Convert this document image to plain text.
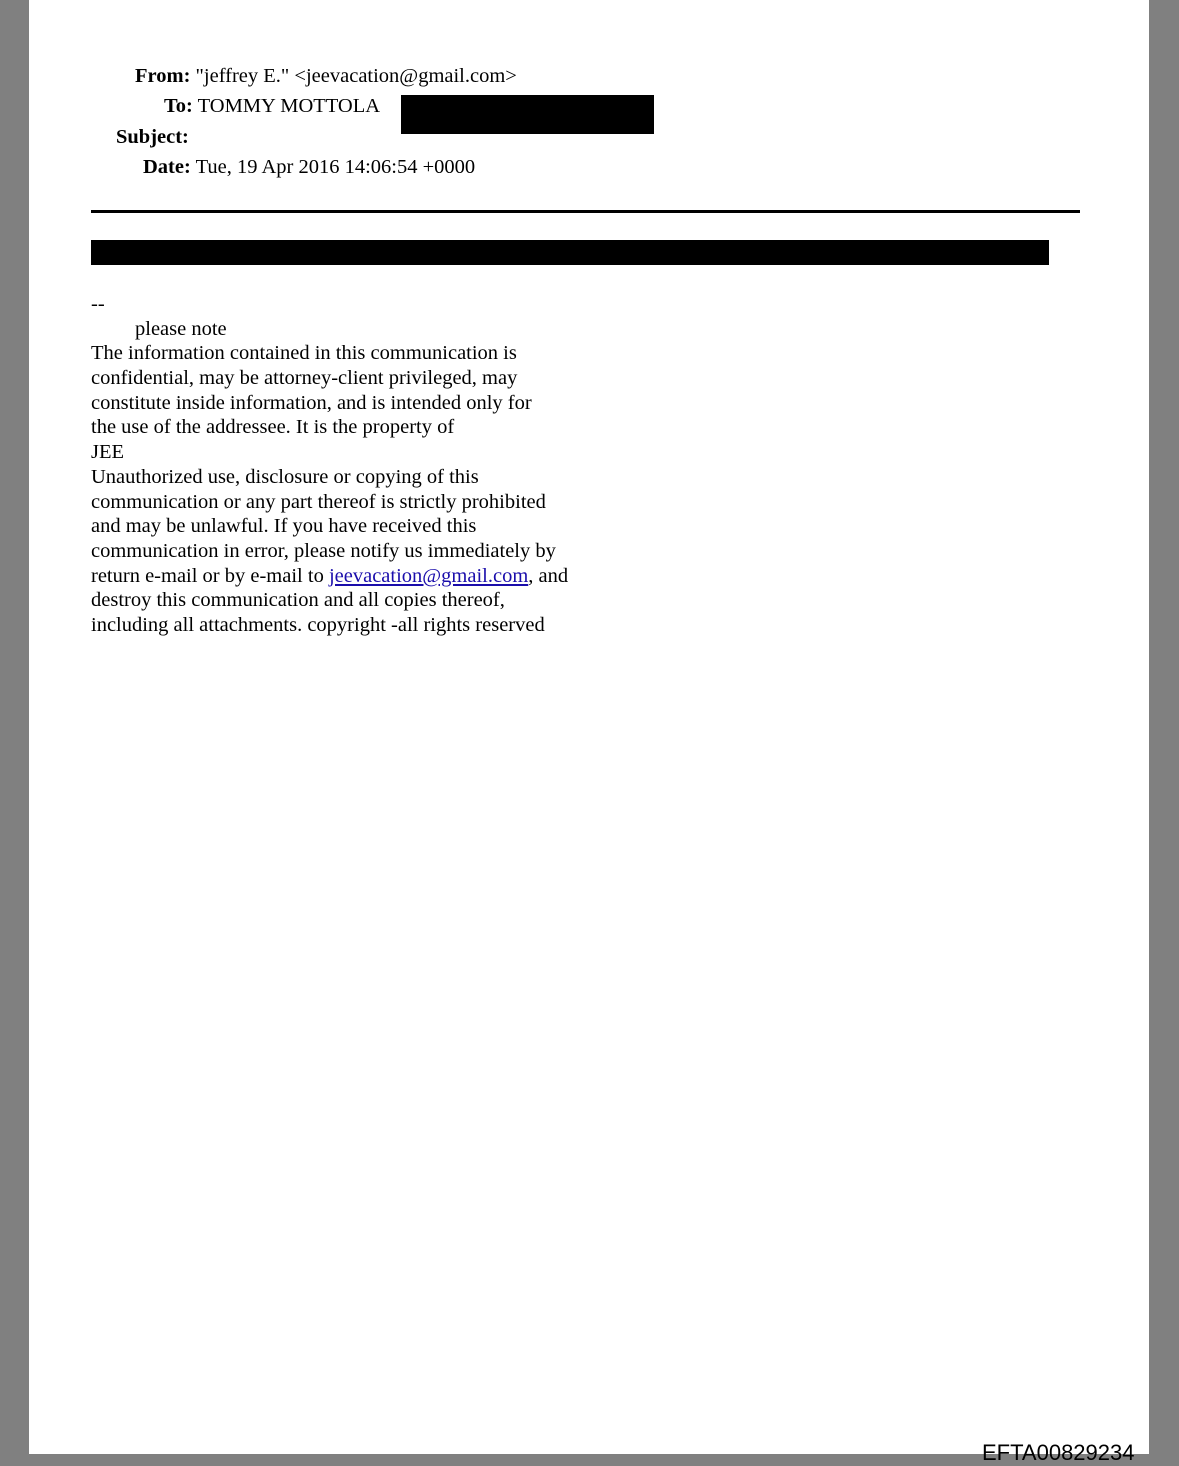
From: "jeffrey E." <jeevacation@gmail.com>
To: TOMMY MOTTOLA
Subject:
Date: Tue, 19 Apr 2016 14:06:54 +0000
--
please note
The information contained in this communication is
confidential, may be attorney-client privileged, may
constitute inside information, and is intended only for
the use of the addressee. It is the property of
JEE
Unauthorized use, disclosure or copying of this
communication or any part thereof is strictly prohibited
and may be unlawful. If you have received this
communication in error, please notify us immediately by
return e-mail or by e-mail to jeevacation@gmail.com, and
destroy this communication and all copies thereof,
including all attachments. copyright -all rights reserved
EFTA00829234
